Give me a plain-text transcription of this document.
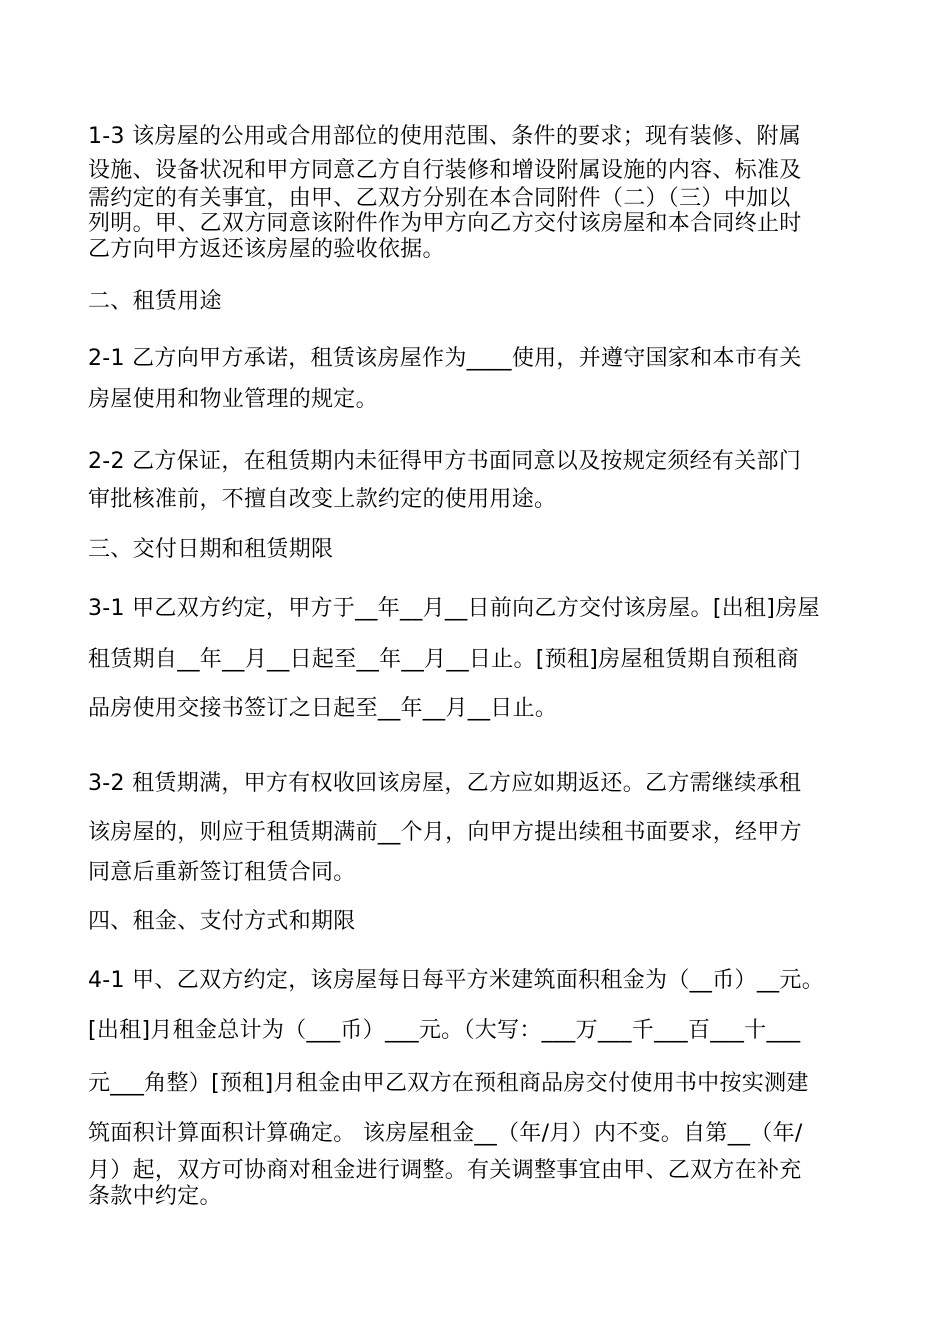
1-3 该房屋的公用或合用部位的使用范围、条件的要求；现有装修、附属
设施、设备状况和甲方同意乙方自行装修和增设附属设施的内容、标准及
需约定的有关事宜，由甲、乙双方分别在本合同附件（二）（三）中加以
列明。甲、乙双方同意该附件作为甲方向乙方交付该房屋和本合同终止时
乙方向甲方返还该房屋的验收依据。
二、租赁用途
2-1 乙方向甲方承诺，租赁该房屋作为____使用，并遵守国家和本市有关
房屋使用和物业管理的规定。
2-2 乙方保证，在租赁期内未征得甲方书面同意以及按规定须经有关部门
审批核准前，不擅自改变上款约定的使用用途。
三、交付日期和租赁期限
3-1 甲乙双方约定，甲方于__年__月__日前向乙方交付该房屋。[出租]房屋
租赁期自__年__月__日起至__年__月__日止。[预租]房屋租赁期自预租商
品房使用交接书签订之日起至__年__月__日止。
3-2 租赁期满，甲方有权收回该房屋，乙方应如期返还。乙方需继续承租
该房屋的，则应于租赁期满前__个月，向甲方提出续租书面要求，经甲方
同意后重新签订租赁合同。
四、租金、支付方式和期限
4-1 甲、乙双方约定，该房屋每日每平方米建筑面积租金为（__币）__元。
[出租]月租金总计为（___币）___元。（大写：___万___千___百___十___
元___角整）[预租]月租金由甲乙双方在预租商品房交付使用书中按实测建
筑面积计算面积计算确定。 该房屋租金__（年/月）内不变。自第__（年/
月）起，双方可协商对租金进行调整。有关调整事宜由甲、乙双方在补充
条款中约定。
